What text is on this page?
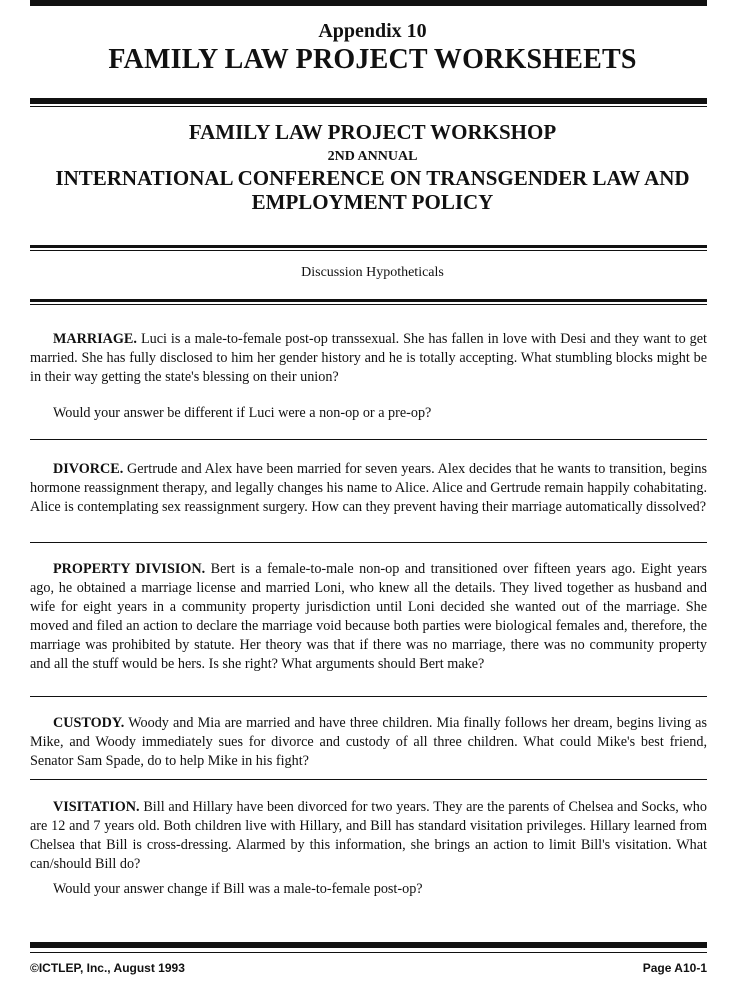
Appendix 10
FAMILY LAW PROJECT WORKSHEETS
FAMILY LAW PROJECT WORKSHOP
2ND ANNUAL
INTERNATIONAL CONFERENCE ON TRANSGENDER LAW AND EMPLOYMENT POLICY
Discussion Hypotheticals

MARRIAGE. Luci is a male-to-female post-op transsexual. She has fallen in love with Desi and they want to get married. She has fully disclosed to him her gender history and he is totally accepting. What stumbling blocks might be in their way getting the state's blessing on their union?

Would your answer be different if Luci were a non-op or a pre-op?

DIVORCE. Gertrude and Alex have been married for seven years. Alex decides that he wants to transition, begins hormone reassignment therapy, and legally changes his name to Alice. Alice and Gertrude remain happily cohabitating. Alice is contemplating sex reassignment surgery. How can they prevent having their marriage automatically dissolved?

PROPERTY DIVISION. Bert is a female-to-male non-op and transitioned over fifteen years ago. Eight years ago, he obtained a marriage license and married Loni, who knew all the details. They lived together as husband and wife for eight years in a community property jurisdiction until Loni decided she wanted out of the marriage. She moved and filed an action to declare the marriage void because both parties were biological females and, therefore, the marriage was prohibited by statute. Her theory was that if there was no marriage, there was no community property and all the stuff would be hers. Is she right? What arguments should Bert make?

CUSTODY. Woody and Mia are married and have three children. Mia finally follows her dream, begins living as Mike, and Woody immediately sues for divorce and custody of all three children. What could Mike's best friend, Senator Sam Spade, do to help Mike in his fight?

VISITATION. Bill and Hillary have been divorced for two years. They are the parents of Chelsea and Socks, who are 12 and 7 years old. Both children live with Hillary, and Bill has standard visitation privileges. Hillary learned from Chelsea that Bill is cross-dressing. Alarmed by this information, she brings an action to limit Bill's visitation. What can/should Bill do?

Would your answer change if Bill was a male-to-female post-op?

©ICTLEP, Inc., August 1993	Page A10-1
